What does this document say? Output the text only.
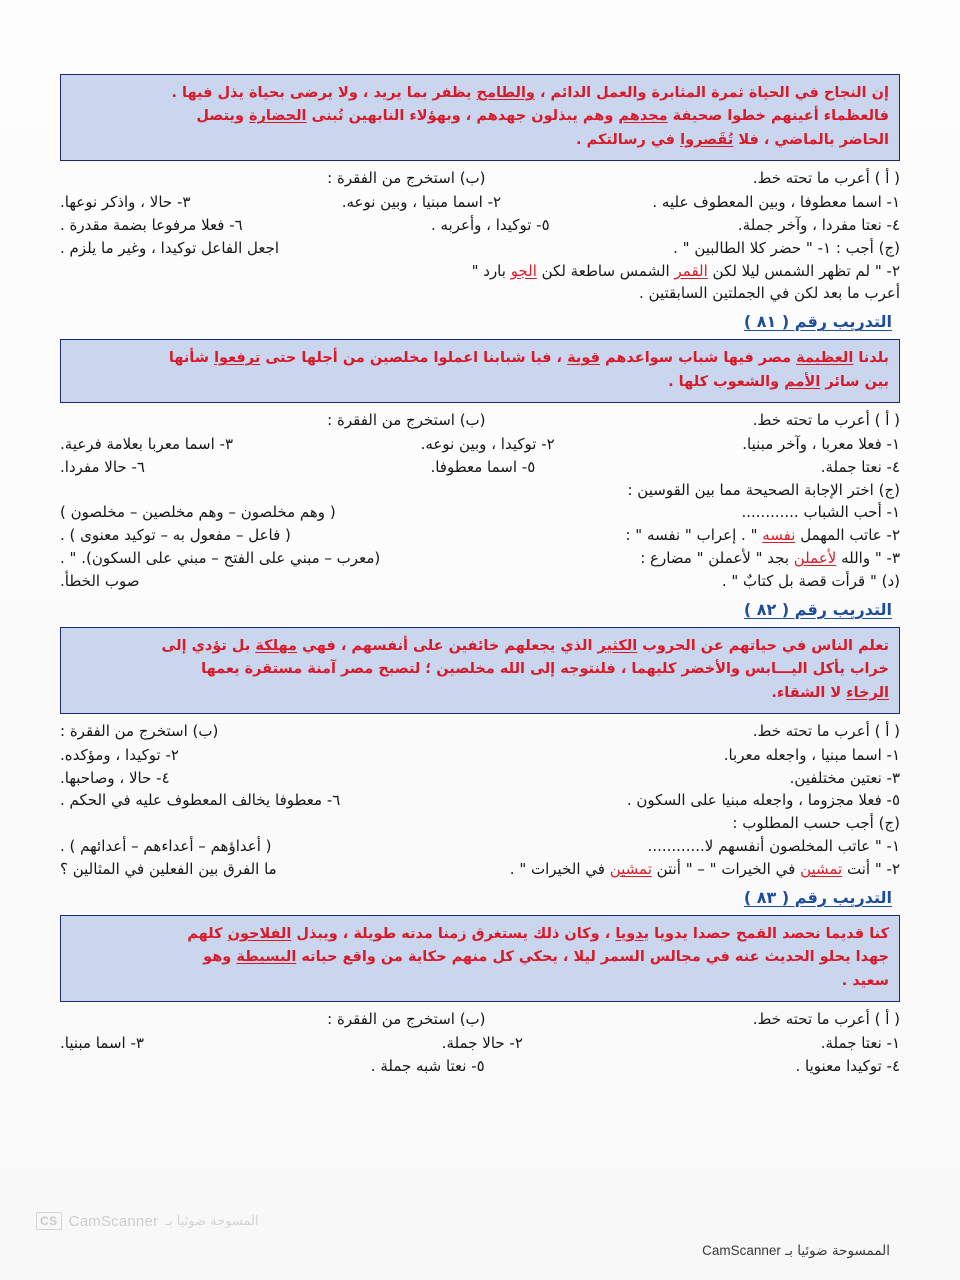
إن النجاح في الحياة ثمرة المثابرة والعمل الدائم ، والطامح يظفر بما يريد ، ولا يرضى بحياة يذل فيها .
فالعظماء أعينهم خطوا صحيفة مجدهم وهم يبذلون جهدهم ، وبهؤلاء النابهين تُبنى الحضارة ويتصل
الحاضر بالماضي ، فلا تُقَصروا في رسالتكم .
( أ ) أعرب ما تحته خط.
(ب) استخرج من الفقرة :
١- اسما معطوفا ، وبين المعطوف عليه .
٢- اسما مبنيا ، وبين نوعه.
٣- حالا ، واذكر نوعها.
٤- نعتا مفردا ، وآخر جملة.
٥- توكيدا ، وأعربه .
٦- فعلا مرفوعا بضمة مقدرة .
(ج) أجب : ١- " حضر كلا الطالبين " .
اجعل الفاعل توكيدا ، وغير ما يلزم .
٢- " لم تظهر الشمس ليلا لكن القمر الشمس ساطعة لكن الجو بارد "
أعرب ما بعد لكن في الجملتين السابقتين .
التدريب رقم ( ٨١ )
بلدنا العظيمة مصر فيها شباب سواعدهم قوية ، فيا شبابنا اعملوا مخلصين من أجلها حتى ترفعوا شأنها
بين سائر الأمم والشعوب كلها .
( أ ) أعرب ما تحته خط.
(ب) استخرج من الفقرة :
١- فعلا معربا ، وآخر مبنيا.
٢- توكيدا ، وبين نوعه.
٣- اسما معربا بعلامة فرعية.
٤- نعتا جملة.
٥- اسما معطوفا.
٦- حالا مفردا.
(ج) اختر الإجابة الصحيحة مما بين القوسين :
١- أحب الشباب ............
( وهم مخلصون – وهم مخلصين – مخلصون )
٢- عاتب المهمل نفسه " . إعراب " نفسه " :
( فاعل – مفعول به – توكيد معنوى ) .
٣- " والله لأعملن بجد " لأعملن " مضارع :
(معرب – مبني على الفتح – مبني على السكون). " .
(د) " قرأت قصة بل كتابٌ " .
صوب الخطأ.
التدريب رقم ( ٨٢ )
تعلم الناس في حياتهم عن الحروب الكثير الذي يجعلهم خائفين على أنفسهم ، فهي مهلكة بل تؤدي إلى
خراب يأكل اليـــابس والأخضر كليهما ، فلنتوجه إلى الله مخلصين ؛ لتصبح مصر آمنة مستقرة يعمها
الرخاء لا الشقاء.
( أ ) أعرب ما تحته خط.
(ب) استخرج من الفقرة :
١- اسما مبنيا ، واجعله معربا.
٢- توكيدا ، ومؤكده.
٣- نعتين مختلفين.
٤- حالا ، وصاحبها.
٥- فعلا مجزوما ، واجعله مبنيا على السكون .
٦- معطوفا يخالف المعطوف عليه في الحكم .
(ج) أجب حسب المطلوب :
١- " عاتب المخلصون أنفسهم لا............
( أعداؤهم – أعداءهم – أعدائهم ) .
٢- " أنت تمشين في الخيرات " – " أنتن تمشين في الخيرات " .
ما الفرق بين الفعلين في المثالين ؟
التدريب رقم ( ٨٣ )
كنا قديما نحصد القمح حصدا يدويا يدويا ، وكان ذلك يستغرق زمنا مدته طويلة ، ويبذل الفلاحون كلهم
جهدا يحلو الحديث عنه في مجالس السمر ليلا ، يحكي كل منهم حكاية من واقع حياته البسيطة وهو
سعيد .
( أ ) أعرب ما تحته خط.
(ب) استخرج من الفقرة :
١- نعتا جملة.
٢- حالا جملة.
٣- اسما مبنيا.
٤- توكيدا معنويا .
٥- نعتا شبه جملة .
CS CamScanner المسوحة ضوئيا بـ
الممسوحة ضوئيا بـ CamScanner
